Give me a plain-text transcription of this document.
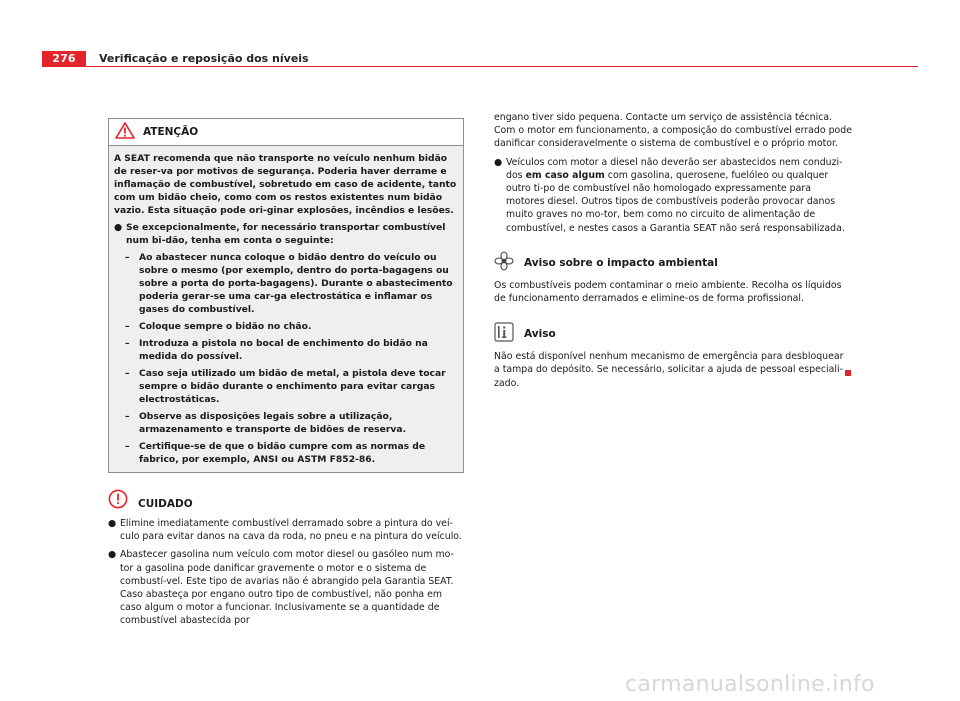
276	Verificação e reposição dos níveis
ATENÇÃO

A SEAT recomenda que não transporte no veículo nenhum bidão de reser-va por motivos de segurança. Poderia haver derrame e inflamação de combustível, sobretudo em caso de acidente, tanto com um bidão cheio, como com os restos existentes num bidão vazio. Esta situação pode ori-ginar explosões, incêndios e lesões.

● Se excepcionalmente, for necessário transportar combustível num bi-dão, tenha em conta o seguinte:

–	Ao abastecer nunca coloque o bidão dentro do veículo ou sobre o mesmo (por exemplo, dentro do porta-bagagens ou sobre a porta do porta-bagagens). Durante o abastecimento poderia gerar-se uma car-ga electrostática e inflamar os gases do combustível.

–	Coloque sempre o bidão no chão.

–	Introduza a pistola no bocal de enchimento do bidão na medida do possível.

–	Caso seja utilizado um bidão de metal, a pistola deve tocar sempre o bidão durante o enchimento para evitar cargas electrostáticas.

–	Observe as disposições legais sobre a utilização, armazenamento e transporte de bidões de reserva.

–	Certifique-se de que o bidão cumpre com as normas de fabrico, por exemplo, ANSI ou ASTM F852-86.

CUIDADO
● Elimine imediatamente combustível derramado sobre a pintura do veí-culo para evitar danos na cava da roda, no pneu e na pintura do veículo.

● Abastecer gasolina num veículo com motor diesel ou gasóleo num mo-tor a gasolina pode danificar gravemente o motor e o sistema de combustí-vel. Este tipo de avarias não é abrangido pela Garantia SEAT. Caso abasteça por engano outro tipo de combustível, não ponha em caso algum o motor a funcionar. Inclusivamente se a quantidade de combustível abastecida por

engano tiver sido pequena. Contacte um serviço de assistência técnica. Com o motor em funcionamento, a composição do combustível errado pode danificar consideravelmente o sistema de combustível e o próprio motor.

● Veículos com motor a diesel não deverão ser abastecidos nem conduzi-dos em caso algum com gasolina, querosene, fuelóleo ou qualquer outro ti-po de combustível não homologado expressamente para motores diesel. Outros tipos de combustíveis poderão provocar danos muito graves no mo-tor, bem como no circuito de alimentação de combustível, e nestes casos a Garantia SEAT não será responsabilizada.

Aviso sobre o impacto ambiental

Os combustíveis podem contaminar o meio ambiente. Recolha os líquidos de funcionamento derramados e elimine-os de forma profissional.

Aviso

Não está disponível nenhum mecanismo de emergência para desbloquear a tampa do depósito. Se necessário, solicitar a ajuda de pessoal especiali-zado.

carmanualsonline.info
